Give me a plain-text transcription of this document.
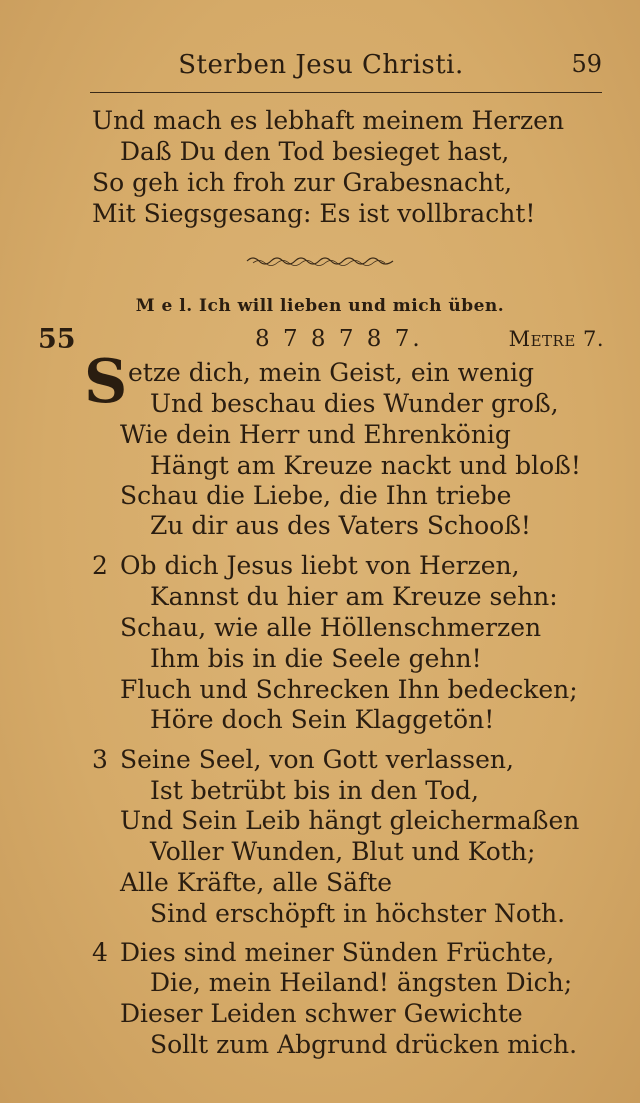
Sterben Jesu Christi.	59
Und mach es lebhaft meinem Herzen
Daß Du den Tod besieget hast,
So geh ich froh zur Grabesnacht,
Mit Siegsgesang: Es ist vollbracht!
M e l. Ich will lieben und mich üben.
55	8 7 8 7 8 7.	Metre 7.
S etze dich, mein Geist, ein wenig
Und beschau dies Wunder groß,
Wie dein Herr und Ehrenkönig
Hängt am Kreuze nackt und bloß!
Schau die Liebe, die Ihn triebe
Zu dir aus des Vaters Schooß!
2 Ob dich Jesus liebt von Herzen,
Kannst du hier am Kreuze sehn:
Schau, wie alle Höllenschmerzen
Ihm bis in die Seele gehn!
Fluch und Schrecken Ihn bedecken;
Höre doch Sein Klaggetön!
3 Seine Seel, von Gott verlassen,
Ist betrübt bis in den Tod,
Und Sein Leib hängt gleichermaßen
Voller Wunden, Blut und Koth;
Alle Kräfte, alle Säfte
Sind erschöpft in höchster Noth.
4 Dies sind meiner Sünden Früchte,
Die, mein Heiland! ängsten Dich;
Dieser Leiden schwer Gewichte
Sollt zum Abgrund drücken mich.
